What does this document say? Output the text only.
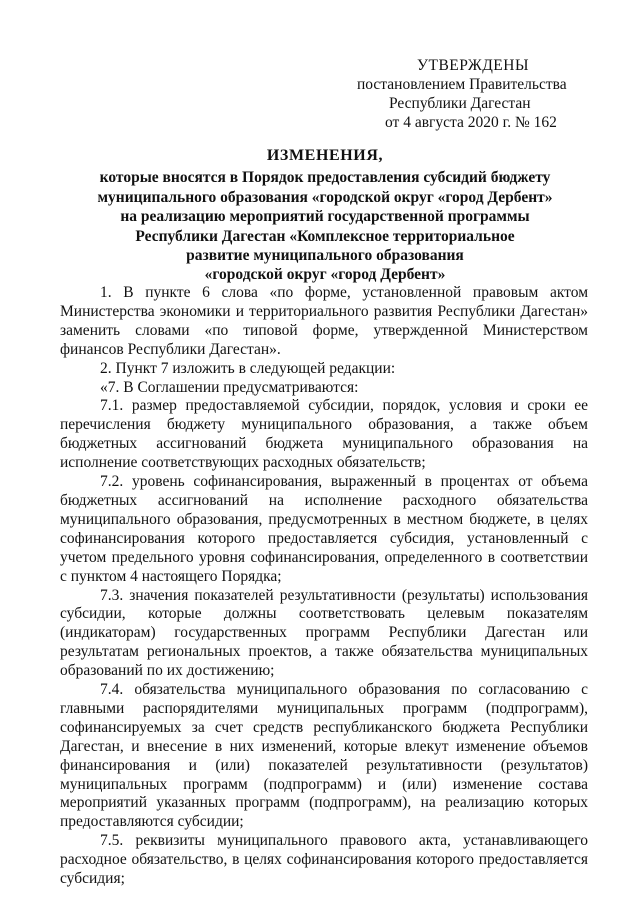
УТВЕРЖДЕНЫ
постановлением Правительства
Республики Дагестан
от 4 августа 2020 г. № 162
ИЗМЕНЕНИЯ,
которые вносятся в Порядок предоставления субсидий бюджету
муниципального образования «городской округ «город Дербент»
на реализацию мероприятий государственной программы
Республики Дагестан «Комплексное территориальное
развитие муниципального образования
«городской округ «город Дербент»

1. В пункте 6 слова «по форме, установленной правовым актом Министерства экономики и территориального развития Республики Дагестан» заменить словами «по типовой форме, утвержденной Министерством финансов Республики Дагестан».

2. Пункт 7 изложить в следующей редакции:

«7. В Соглашении предусматриваются:

7.1. размер предоставляемой субсидии, порядок, условия и сроки ее перечисления бюджету муниципального образования, а также объем бюджетных ассигнований бюджета муниципального образования на исполнение соответствующих расходных обязательств;

7.2. уровень софинансирования, выраженный в процентах от объема бюджетных ассигнований на исполнение расходного обязательства муниципального образования, предусмотренных в местном бюджете, в целях софинансирования которого предоставляется субсидия, установленный с учетом предельного уровня софинансирования, определенного в соответствии с пунктом 4 настоящего Порядка;

7.3. значения показателей результативности (результаты) использования субсидии, которые должны соответствовать целевым показателям (индикаторам) государственных программ Республики Дагестан или результатам региональных проектов, а также обязательства муниципальных образований по их достижению;

7.4. обязательства муниципального образования по согласованию с главными распорядителями муниципальных программ (подпрограмм), софинансируемых за счет средств республиканского бюджета Республики Дагестан, и внесение в них изменений, которые влекут изменение объемов финансирования и (или) показателей результативности (результатов) муниципальных программ (подпрограмм) и (или) изменение состава мероприятий указанных программ (подпрограмм), на реализацию которых предоставляются субсидии;

7.5. реквизиты муниципального правового акта, устанавливающего расходное обязательство, в целях софинансирования которого предоставляется субсидия;
